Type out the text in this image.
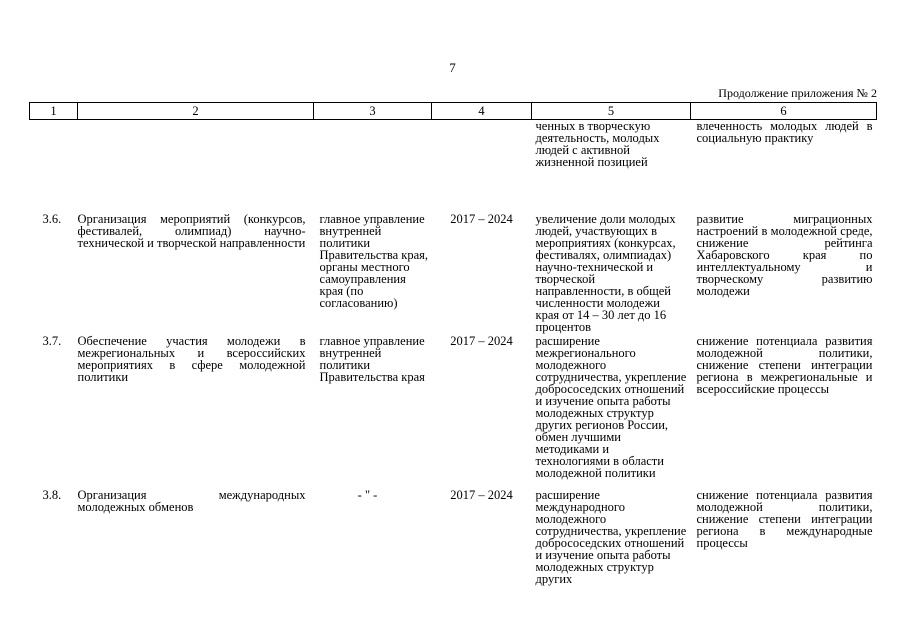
7
Продолжение приложения № 2
1	2	3	4	5	6
				ченных в творческую деятельность, молодых людей с активной жизненной позицией	влеченность молодых людей в социальную практику
3.6.	Организация мероприятий (конкурсов, фестивалей, олимпиад) научно-технической и творческой направленности	главное управление внутренней политики Правительства края, органы местного самоуправления края (по согласованию)	2017 – 2024	увеличение доли молодых людей, участвующих в мероприятиях (конкурсах, фестивалях, олимпиадах) научно-технической и творческой направленности, в общей численности молодежи края от 14 – 30 лет до 16 процентов	развитие миграционных настроений в молодежной среде, снижение рейтинга Хабаровского края по интеллектуальному и творческому развитию молодежи
3.7.	Обеспечение участия молодежи в межрегиональных и всероссийских мероприятиях в сфере молодежной политики	главное управление внутренней политики Правительства края	2017 – 2024	расширение межрегионального молодежного сотрудничества, укрепление добрососедских отношений и изучение опыта работы молодежных структур других регионов России, обмен лучшими методиками и технологиями в области молодежной политики	снижение потенциала развития молодежной политики, снижение степени интеграции региона в межрегиональные и всероссийские процессы
3.8.	Организация международных молодежных обменов	- " -	2017 – 2024	расширение международного молодежного сотрудничества, укрепление добрососедских отношений и изучение опыта работы молодежных структур других	снижение потенциала развития молодежной политики, снижение степени интеграции региона в международные процессы
